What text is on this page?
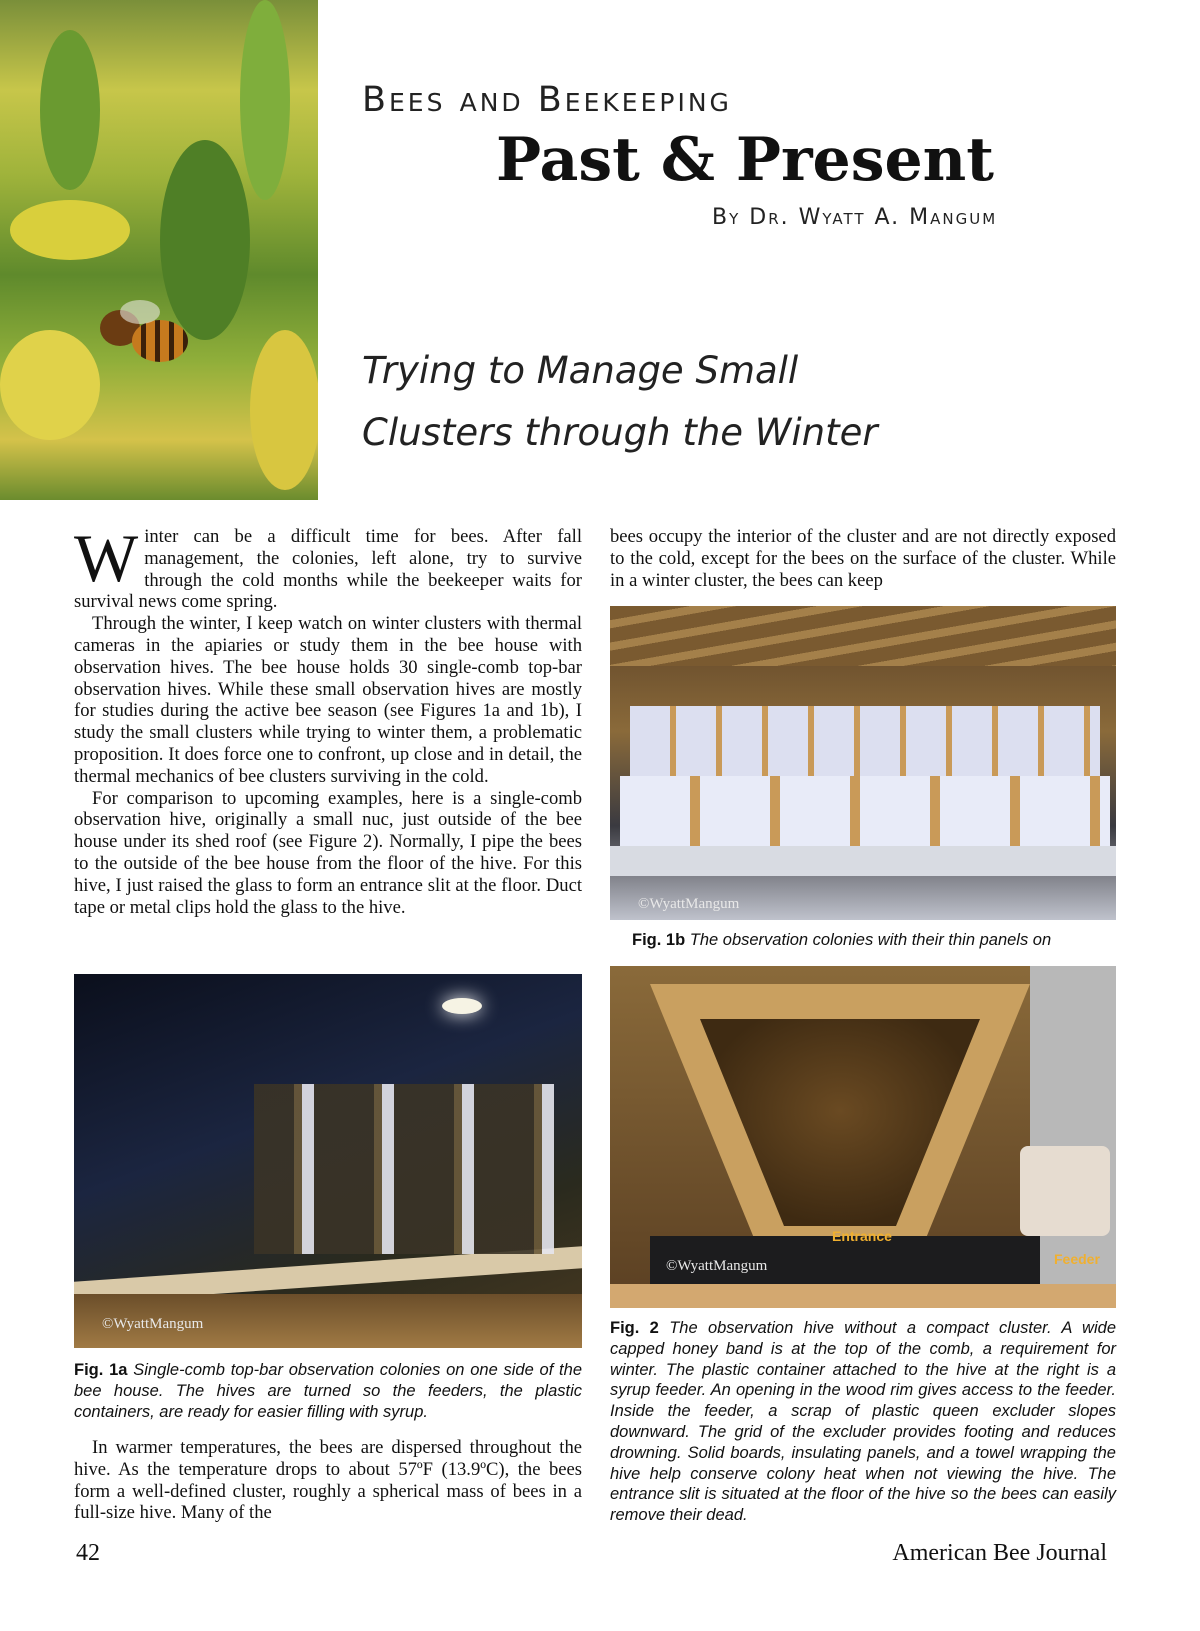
Bees and Beekeeping
Past & Present
By Dr. Wyatt A. Mangum
Trying to Manage Small
Clusters through the Winter

Winter can be a difficult time for bees. After fall management, the colonies, left alone, try to survive through the cold months while the beekeeper waits for survival news come spring.

Through the winter, I keep watch on winter clusters with thermal cameras in the apiaries or study them in the bee house with observation hives. The bee house holds 30 single-comb top-bar observation hives. While these small observation hives are mostly for studies during the active bee season (see Figures 1a and 1b), I study the small clusters while trying to winter them, a problematic proposition. It does force one to confront, up close and in detail, the thermal mechanics of bee clusters surviving in the cold.

For comparison to upcoming examples, here is a single-comb observation hive, originally a small nuc, just outside of the bee house under its shed roof (see Figure 2). Normally, I pipe the bees to the outside of the bee house from the floor of the hive. For this hive, I just raised the glass to form an entrance slit at the floor. Duct tape or metal clips hold the glass to the hive.

©WyattMangum
Fig. 1a Single-comb top-bar observation colonies on one side of the bee house. The hives are turned so the feeders, the plastic containers, are ready for easier filling with syrup.

In warmer temperatures, the bees are dispersed throughout the hive. As the temperature drops to about 57ºF (13.9ºC), the bees form a well-defined cluster, roughly a spherical mass of bees in a full-size hive. Many of the

bees occupy the interior of the cluster and are not directly exposed to the cold, except for the bees on the surface of the cluster. While in a winter cluster, the bees can keep

©WyattMangum
Fig. 1b The observation colonies with their thin panels on
Entrance
Feeder
©WyattMangum
Fig. 2 The observation hive without a compact cluster. A wide capped honey band is at the top of the comb, a requirement for winter. The plastic container attached to the hive at the right is a syrup feeder. An opening in the wood rim gives access to the feeder. Inside the feeder, a scrap of plastic queen excluder slopes downward. The grid of the excluder provides footing and reduces drowning. Solid boards, insulating panels, and a towel wrapping the hive help conserve colony heat when not viewing the hive. The entrance slit is situated at the floor of the hive so the bees can easily remove their dead.
42	American Bee Journal
